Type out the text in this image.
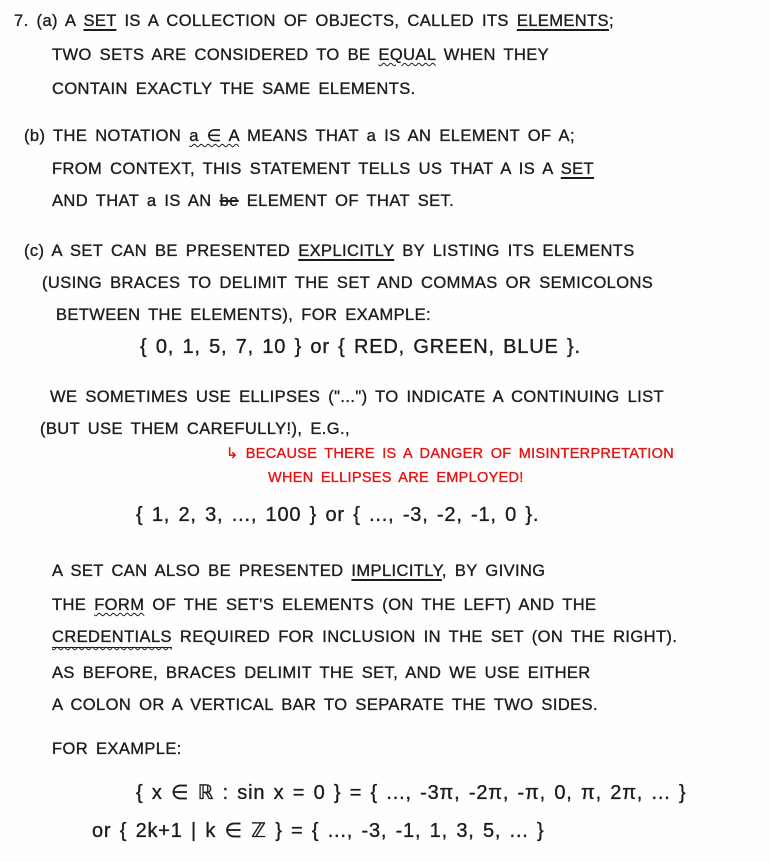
7. (a) A SET IS A COLLECTION OF OBJECTS, CALLED ITS ELEMENTS;
TWO SETS ARE CONSIDERED TO BE EQUAL WHEN THEY
CONTAIN EXACTLY THE SAME ELEMENTS.
(b) THE NOTATION a ∈ A MEANS THAT a IS AN ELEMENT OF A;
FROM CONTEXT, THIS STATEMENT TELLS US THAT A IS A SET
AND THAT a IS AN be ELEMENT OF THAT SET.
(c) A SET CAN BE PRESENTED EXPLICITLY BY LISTING ITS ELEMENTS
(USING BRACES TO DELIMIT THE SET AND COMMAS OR SEMICOLONS
BETWEEN THE ELEMENTS), FOR EXAMPLE:
{ 0, 1, 5, 7, 10 } or { RED, GREEN, BLUE }.
WE SOMETIMES USE ELLIPSES ("...") TO INDICATE A CONTINUING LIST
(BUT USE THEM CAREFULLY!), E.G.,
↳ BECAUSE THERE IS A DANGER OF MISINTERPRETATION
WHEN ELLIPSES ARE EMPLOYED!
{ 1, 2, 3, ..., 100 } or { ..., -3, -2, -1, 0 }.
A SET CAN ALSO BE PRESENTED IMPLICITLY, BY GIVING
THE FORM OF THE SET'S ELEMENTS (ON THE LEFT) AND THE
CREDENTIALS REQUIRED FOR INCLUSION IN THE SET (ON THE RIGHT).
AS BEFORE, BRACES DELIMIT THE SET, AND WE USE EITHER
A COLON OR A VERTICAL BAR TO SEPARATE THE TWO SIDES.
FOR EXAMPLE:
{ x ∈ ℝ : sin x = 0 } = { ..., -3π, -2π, -π, 0, π, 2π, ... }
or { 2k+1 | k ∈ ℤ } = { ..., -3, -1, 1, 3, 5, ... }
